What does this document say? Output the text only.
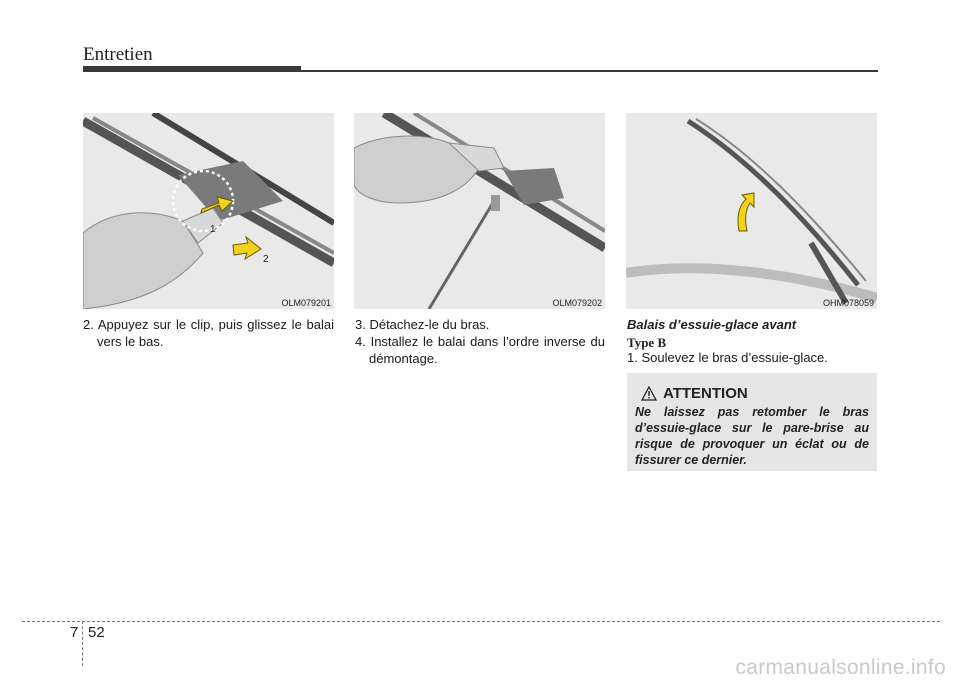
Entretien
1
2
OLM079201	OLM079202	OHM078059
2. Appuyez sur le clip, puis glissez le balai vers le bas.
3. Détachez-le du bras.
4. Installez le balai dans l’ordre inverse du démontage.
Balais d’essuie-glace avant
Type B
1. Soulevez le bras d’essuie-glace.
ATTENTION
Ne laissez pas retomber le bras d’essuie-glace sur le pare-brise au risque de provoquer un éclat ou de fissurer ce dernier.
7 52
carmanualsonline.info
